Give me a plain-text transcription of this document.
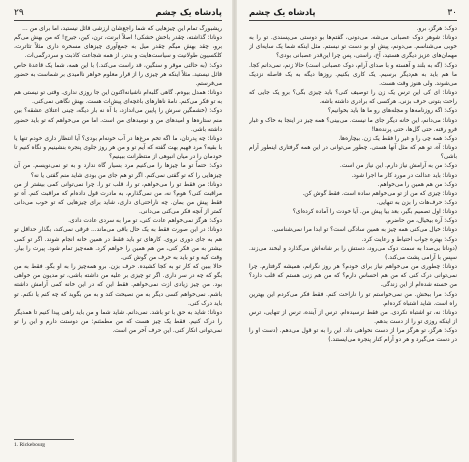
۲۹	پادشاه یک چشم

ریشبورگ تمام این چیزهایی که شما راجع‌شان ارزشی قائل نیستید، اما برای من ...

دونانا: گذاشته، چقدر باخش خشکی! اصلاً ابرنت، ترن، کین، جیرج! که من بهش می‌گم برو، چقد بهش میگم چقدر میل به جمع‌آوری چیزهای مسخره داری مثلاً تئاترت، کلکسیون طولانیت و سیاست‌هایت و بدتر، از همه شجاعت کاذبت و سردرگمی‌ات.

دوک: (به حالتی موقر و سنگین، قد راست می‌کند.) با این همه، شما یک قاعدهٔ خاص قائل نیستید. مثلاً اینکه هر چیزی را از قرار معلوم خواهر ناامیدی بر شماست به حضور می‌فرستم.

دونانا: همدل بیوه‌م. گاهی گلبه‌ام ناشیانه‌اکنون این جا روزی نداری. وقتی تو نیستی هم به تو فکر می‌کنم. نامهٔ ناهارهای باغچه‌ای پیش‌ات هست. بهش نگاهی نمی‌کنی.

دوک: (خشمگین سرش را پایین می‌اندازد، با آه نه بار دیگه، چینی اعتلای عشقه؟ بین منم ستاره‌ها و امیدهای من و نومیدهای من است. اما من می‌خواهم که تو باید حضور داشته باشی.

دونانا: چه پدرتان، ما اگه تخم مرغ‌ها در آب خونه‌ام بودی؟ آیا انتظار داری خودم تنها یا با بقیه؟ مرد فهیم بهت گفته که آیم تو و من هر روز جلوی پنجره بنشینیم و نگاه کنیم تا خودمان را در میان انبوهی از منتظرانت ببینیم؟

دوک: حتماً تو ما چیزها را می‌کنیم مرد بسیار گاه ندارد و به تو نمی‌نویسم. من آن چیزهایی را که تو گفتی نمی‌کنم. اگر تو هم جای من بودی شاید منم گفتی یا نه؟

دونانا: من فقط تو را می‌خواهم، تو را، قلب تو را. چرا نمی‌توانی کمی بیشتر از من مراقبت کنی؟ هوم؟ نه، من نمی‌گذارم، به مادرت قول داده‌ام که مراقبت کنم. آه تو فقط پیش من بمان. چه ناراحتی‌ای داری، شاید برای چیزهایی که تو خوب می‌دانی کمتر از آنچه فکر می‌کنی می‌دانی.

دوک: هرگز نمی‌خواهم عادت کنی، تو مرا به سردی عادت دادی.

دونانا: در این صورت فقط به یک حال باقی می‌ماند... فرقی نمی‌کند، بگذار حداقل تو هم به جای دوری نروی. کارهای تو باید فقط در همین خانه انجام شوند. اگر تو کمی بیشتر به من فکر کنی، من هم همین را خواهم کرد. همه‌چیز تمام شود. پیرت را بیار. وقت کیه و تو باید به حرف من گوش کنی.

حالا ببین که کار تو به کجا کشیده. حرف بزن. برو همه‌چیز را به او بگو. فقط به من بگو که چه در سر داری. اگر تو چیزی بر علیه من داشته باشی، تو مدیون من خواهی بود. من چیز زیادی ازت نمی‌خواهم. فقط این که در این خانه کمی آرامش داشته باشم. نمی‌خواهم کسی دیگر به من نصیحت کند و به من بگوید که چه کنم یا نکنم. تو باید درک کنی.

دونانا: شاید به حق با تو باشد. نمی‌دانم. شاید شما و من باید راهی پیدا کنیم تا همدیگر را درک کنیم. فقط یک چیز هست که من مطمئنم: من دوستت دارم و این را تو نمی‌توانی انکار کنی. این حرف آخر من است.

1. Rickebourg
پادشاه یک چشم	۳۰

دوک: هرگز، برو.

دونانا: شوهر دوک عصبانی می‌شه. می‌دونی، گفتم‌ها بو دوستی می‌پسندی. تو را به خوبی می‌شناسم. می‌دونم، پیش او بو دست تو نیستم. مثل اینکه شما یک سایه‌ای از مهمان‌های عزیز دیگری هستید، آخ، راستی، پس چرا این‌قدر عصبانی بودی؟

دوک: (گه به بلند و آهسته و با صدای آرام، دوک عصبانی است) حالا زنم، نمی‌دانم کجا. ما هم باید به هم‌دیگر برسیم. یک کاری بکنیم. روزها دیگه به یک فاصله نزدیک می‌شوند. ولی هنوز وقت هست.

دونانا: ای کی این ترس یک زن را توصیف کنی؟ باید چیزی بگی؟ برو یک جایی که راحت بتونی حرف بزنی. هرکسی که برادری داشته باشه.

دوک: اگه روزنامه‌ها و مجله‌های رو ما ها باید بخوانیم؟

دونانا: می‌دانم، این خانه دیگر جای ما نیست. می‌بینی؟ همه چیز در اینجا به خاک و غبار فرو رفته. حتی گل‌ها، حتی پرنده‌ها!

دوک: همه چی را و غیر را فقط یک زن. بیچاره‌ها.

دونانا: آه، تو هم که مثل آنها هستی. چطور می‌توانی در این همه گرفتاری اینطور آرام باشی؟

دوک: من به آرامش نیاز دارم. این نیاز من است.

دونانا: باید عدالت در مورد کار ما اجرا شود.

دوک: من هم همین را می‌خواهم.

دونانا: چیزی که من از تو می‌خواهم ساده است. فقط گوش کن.

دوک: حرف‌هات را بزن به تنهایی.

دونانا: اول تصمیم بگیر، بعد بیا پیش من. آیا خودت را آماده کرده‌ای؟

دوک: آره بیخیال، من حاضرم.

دونانا: خیال می‌کنی همه چیز به همین سادگی است؟ تو ابدا مرا نمی‌شناسی.

دوک: بهتره جواب احتیاط و رعایت کرد.

(دونانا بی‌صدا به سمت دوک می‌رود، دستش را بر شانه‌اش می‌گذارد و لبخند می‌زند. سپس با آرامی پشت می‌کند.)

دونانا: چطوری من می‌خواهم نیاز برای خودم؟ هر روز نگرانم، همیشه گرفتارم. چرا نمی‌توانی درک کنی که من هم احساس دارم؟ که من هم زنی هستم که قلب دارد؟ من خسته شده‌ام از این زندگی.

دوک: مرا ببخش. من نمی‌خواستم تو را ناراحت کنم. فقط فکر می‌کردم این بهترین راه است. شاید اشتباه کرده‌ام.

دونانا: نه، تو اشتباه نکردی. من فقط ترسیده‌ام. ترس از آینده، ترس از تنهایی، ترس از اینکه روزی تو را از دست بدهم.

دوک: هرگز، تو هرگز مرا از دست نخواهی داد. این را به تو قول می‌دهم. (دست او را در دست می‌گیرد و هر دو آرام کنار پنجره می‌ایستند.)
